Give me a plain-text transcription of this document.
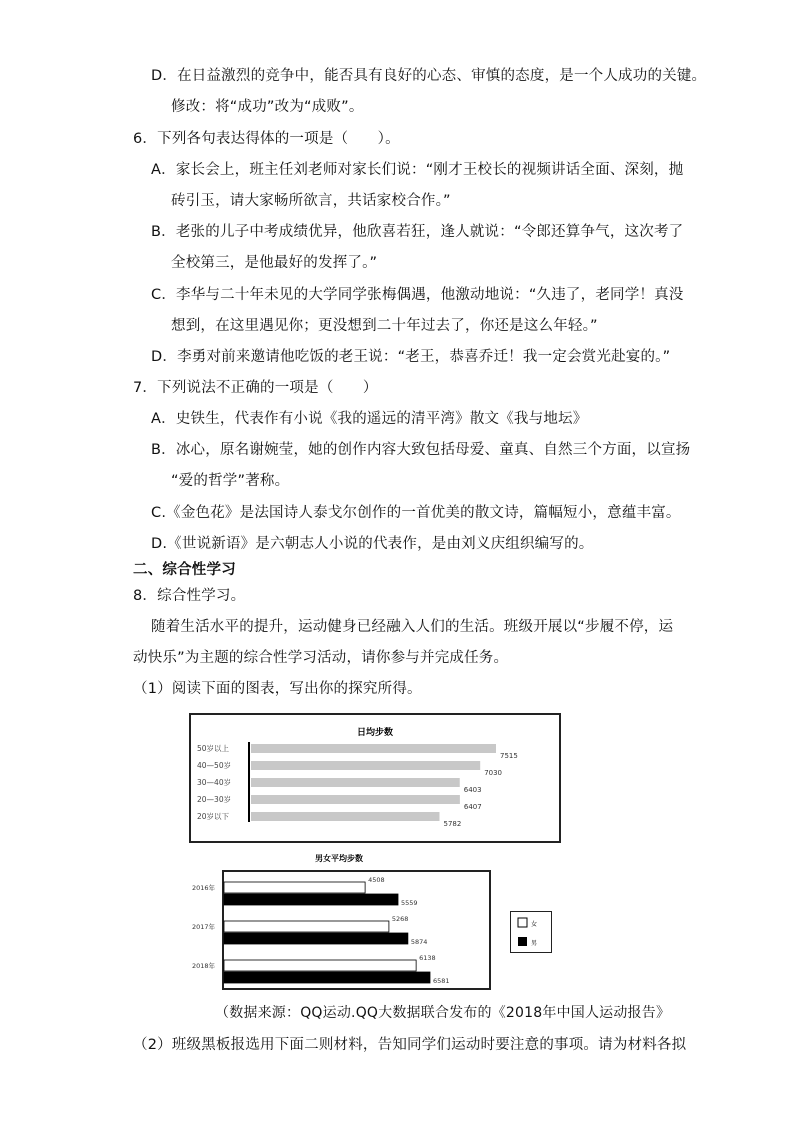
D．在日益激烈的竞争中，能否具有良好的心态、审慎的态度，是一个人成功的关键。
修改：将“成功”改为“成败”。
6．下列各句表达得体的一项是（　　）。
A．家长会上，班主任刘老师对家长们说：“刚才王校长的视频讲话全面、深刻，抛
砖引玉，请大家畅所欲言，共话家校合作。”
B．老张的儿子中考成绩优异，他欣喜若狂，逢人就说：“令郎还算争气，这次考了
全校第三，是他最好的发挥了。”
C．李华与二十年未见的大学同学张梅偶遇，他激动地说：“久违了，老同学！真没
想到，在这里遇见你；更没想到二十年过去了，你还是这么年轻。”
D．李勇对前来邀请他吃饭的老王说：“老王，恭喜乔迁！我一定会赏光赴宴的。”
7．下列说法不正确的一项是（　　）
A．史铁生，代表作有小说《我的遥远的清平湾》散文《我与地坛》
B．冰心，原名谢婉莹，她的创作内容大致包括母爱、童真、自然三个方面，以宣扬
“爱的哲学”著称。
C.《金色花》是法国诗人泰戈尔创作的一首优美的散文诗，篇幅短小，意蕴丰富。
D.《世说新语》是六朝志人小说的代表作，是由刘义庆组织编写的。
二、综合性学习
8．综合性学习。
随着生活水平的提升，运动健身已经融入人们的生活。班级开展以“步履不停，运
动快乐”为主题的综合性学习活动，请你参与并完成任务。
（1）阅读下面的图表，写出你的探究所得。
日均步数
50岁以上
7515
40—50岁
7030
30—40岁
6403
20—30岁
6407
20岁以下
5782
男女平均步数
2016年
4508
5559
2017年
5268
5874
2018年
6138
6581
女
男
（数据来源：QQ运动.QQ大数据联合发布的《2018年中国人运动报告》
（2）班级黑板报选用下面二则材料，告知同学们运动时要注意的事项。请为材料各拟
